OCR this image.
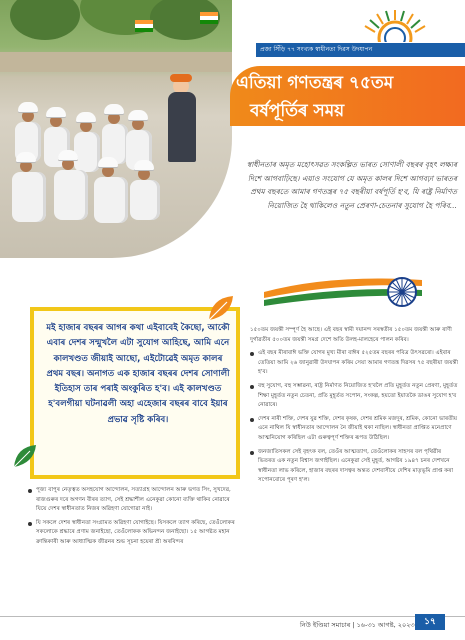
প্ৰজা সিঁড়ি ৭৭ সংখ্যক স্বাধীনতা দিৱস উদযাপন
এতিয়া গণতন্ত্ৰৰ ৭৫তম
বৰ্ষপূৰ্তিৰ সময়
স্বাধীনতাৰ অমৃত মহোৎসৱত সংকল্পিত ভাৰত সোণালী বছৰৰ বৃহৎ লক্ষ্যৰ দিশে আগবাঢ়িছে। এয়াও সংযোগ যে অমৃত কালৰ দিশে আগবঢ়া ভাৰতৰ প্ৰথম বছৰতে আমাৰ গণতন্ত্ৰৰ ৭৫ বছৰীয়া বৰ্ষপূৰ্তি হ'ব, যি ৰাষ্ট্ৰ নিৰ্মাণত নিয়োজিত হৈ থাকিলেও নতুন প্ৰেৰণা-চেতনাৰ সুযোগ হৈ পৰিব...

মই হাজাৰ বছৰৰ আগৰ কথা এইবাবেই কৈছো, আকৌ এবাৰ দেশৰ সন্মুখলৈ এটা সুযোগ আহিছে, আমি এনে কালখণ্ডত জীয়াই আছো, এইটোৱেই অমৃত কালৰ প্ৰথম বছৰ। অনাগত এক হাজাৰ বছৰৰ দেশৰ সোণালী ইতিহাস তাৰ পৰাই অংকুৰিত হ'ব। এই কালখণ্ডত হ'বলগীয়া ঘটনাৱলী অহা এহেজাৰ বছৰৰ বাবে ইয়াৰ প্ৰভাৱ সৃষ্টি কৰিব।

পূজ্য বাপুৰ নেতৃত্বত অসহযোগ আন্দোলন, সত্যাগ্ৰহ আন্দোলন আৰু ভগত সিং, সুখদেৱ, ৰাজগুৰুৰ দৰে অগণন বীৰৰ ত্যাগ, সেই শ্ৰদ্ধাশীল এনেকুৱা কোনো ব্যক্তি থাকিব নোৱাৰে যিয়ে দেশৰ স্বাধীনতাত নিজৰ অৱিহণা যোগোৱা নাই।
যি সকলে দেশৰ স্বাধীনতা সংগ্ৰামত অৱিহণা যোগাইছে। যিসকলে ত্যাগ কৰিছে, তেওঁলোকৰ সকলোকে শ্ৰদ্ধাৰে প্ৰণাম জনাইছো, তেওঁলোকক অভিনন্দন জনাইছো। ১৫ আগষ্টত মহান ক্ৰান্তিকাৰী আৰু আধ্যাত্মিক জীৱনৰ শুভ সূচনা হয়েৰা শ্ৰী অৰবিন্দৰ
১৫০তম জয়ন্তী সম্পূৰ্ণ হৈ আছে। এই বছৰ স্বামী দয়ানন্দ সৰস্বতীৰ ১৫০তম জয়ন্তী আৰু ৰাণী দুৰ্গাৱতীৰ ৫০০তম জয়ন্তী সমগ্ৰ দেশে অতি উলহ-মালহেৰে পালন কৰিব।
এই বছৰ মীৰাবাঈ ভক্তি যোগৰ মুখ্য মীৰা বাঈৰ ৫২৫তম বছৰৰ পবিত্ৰ উৎসৱৰো। এইবাৰ তেতিয়া আমি ২৬ জানুৱাৰী উদযাপন কৰিম সেয়া আমাৰ গণতন্ত্ৰ দিৱসৰ ৭৫ বছৰীয়া জয়ন্তী হ'ব।
বহু সুযোগ, বহু সম্ভাৱনা, ৰাষ্ট্ৰ নিৰ্মাণত নিয়োজিত হ'বলৈ প্ৰতি মুহূৰ্তত নতুন প্ৰেৰণা, মুহূৰ্তত শিক্ষা মুহূৰ্তত নতুন চেতনা, প্ৰতি মুহূৰ্তত সপোন, সংকল্প, হয়তো ইয়াতকৈ ডাঙৰ সুযোগ হ'ব নোৱাৰে।
দেশৰ নাৰী শক্তি, দেশৰ যুৱ শক্তি, দেশৰ কৃষক, দেশৰ শ্ৰমিক মজদুৰ, শ্ৰমিক, কোনো ভাৰতীয় এনে নাথিল যি স্বাধীনতাৰ আন্দোলন নৈ জীয়াই থকা নাছিল। স্বাধীনতা প্ৰাপ্তিত মনেপ্ৰাণে আত্মনিয়োগ কৰিছিল এটা গুৰুত্বপূৰ্ণ শক্তিৰ ৰূপত উঠিছিল।
জনজাতিসকল সেই বৃহৎক বল, তেওঁৰ আত্মত্যাগ, তেওঁলোকৰ সাহসৰ বল পৃথিৱীৰ ভিতৰত এক নতুন বিশ্বাস জগাইছিল। এনেকুৱা সেই মুহূৰ্ত, আগষ্টৰ ১৯৪৭ চনৰ দেশখনে স্বাধীনতা লাভ কৰিলে, হাজাৰ বছৰৰ দাসত্বৰ অন্তত দেশবাসীয়ে দেশিৰ মাতৃভূমি প্ৰাপ্ত কৰা সপোনবোৰে পূৰণ হ'ল।
নিউ ইণ্ডিয়া সমাচাৰ | ১৬-৩১ আগষ্ট, ২০২৩	১৭
